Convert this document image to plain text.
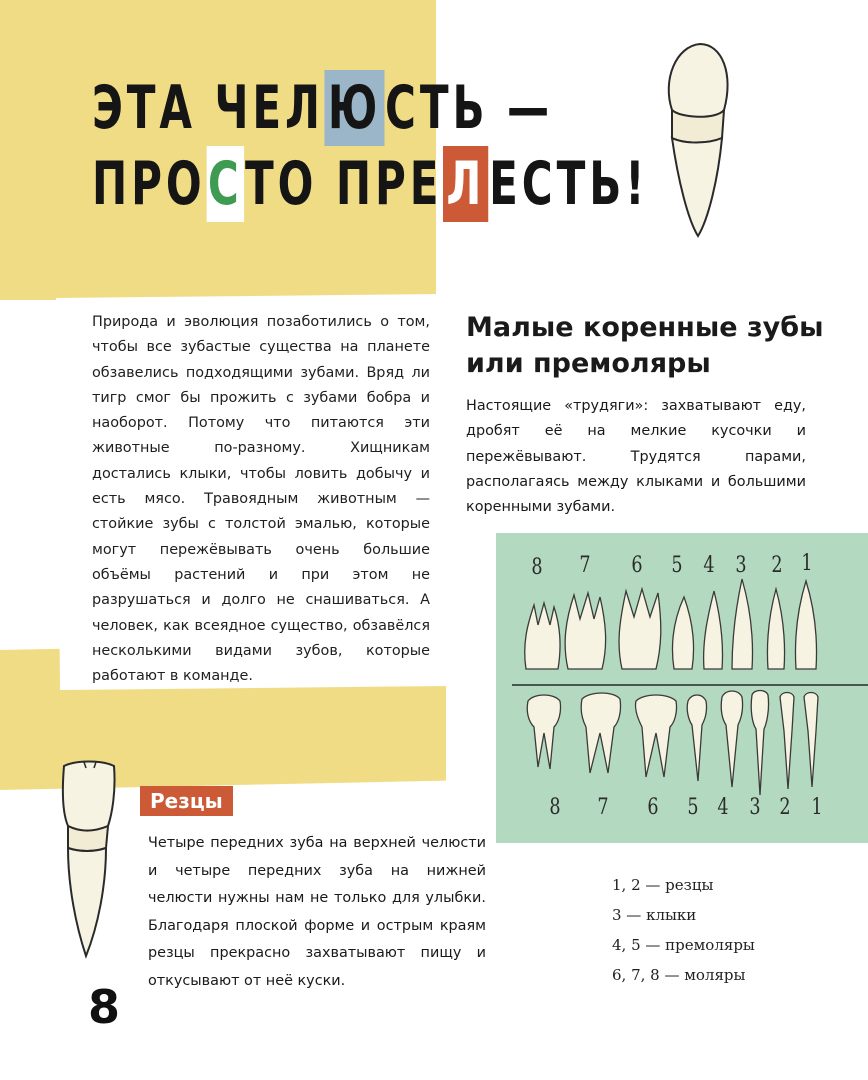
ЭТА ЧЕЛЮСТЬ —
ПРОСТО ПРЕЛЕСТЬ!

Природа и эволюция позаботились о том, чтобы все зубастые существа на планете обзавелись подходящими зубами. Вряд ли тигр смог бы прожить с зубами бобра и наоборот. Потому что питаются эти животные по-разному. Хищникам достались клыки, чтобы ловить добычу и есть мясо. Травоядным животным — стойкие зубы с толстой эмалью, которые могут пережёвывать очень большие объёмы растений и при этом не разрушаться и долго не снашиваться. А человек, как всеядное существо, обзавёлся несколькими видами зубов, которые работают в команде.

Малые коренные зубы
или премоляры

Настоящие «трудяги»: захватывают еду, дробят её на мелкие кусочки и пережёвывают. Трудятся парами, располагаясь между клыками и большими коренными зубами.

8 7 6 5 4 3 2 1
8 7 6 5 4 3 2 1
Резцы

Четыре передних зуба на верхней челюсти и четыре передних зуба на нижней челюсти нужны нам не только для улыбки. Благодаря плоской форме и острым краям резцы прекрасно захватывают пищу и откусывают от неё куски.

1, 2 — резцы
3 — клыки
4, 5 — премоляры
6, 7, 8 — моляры

8
